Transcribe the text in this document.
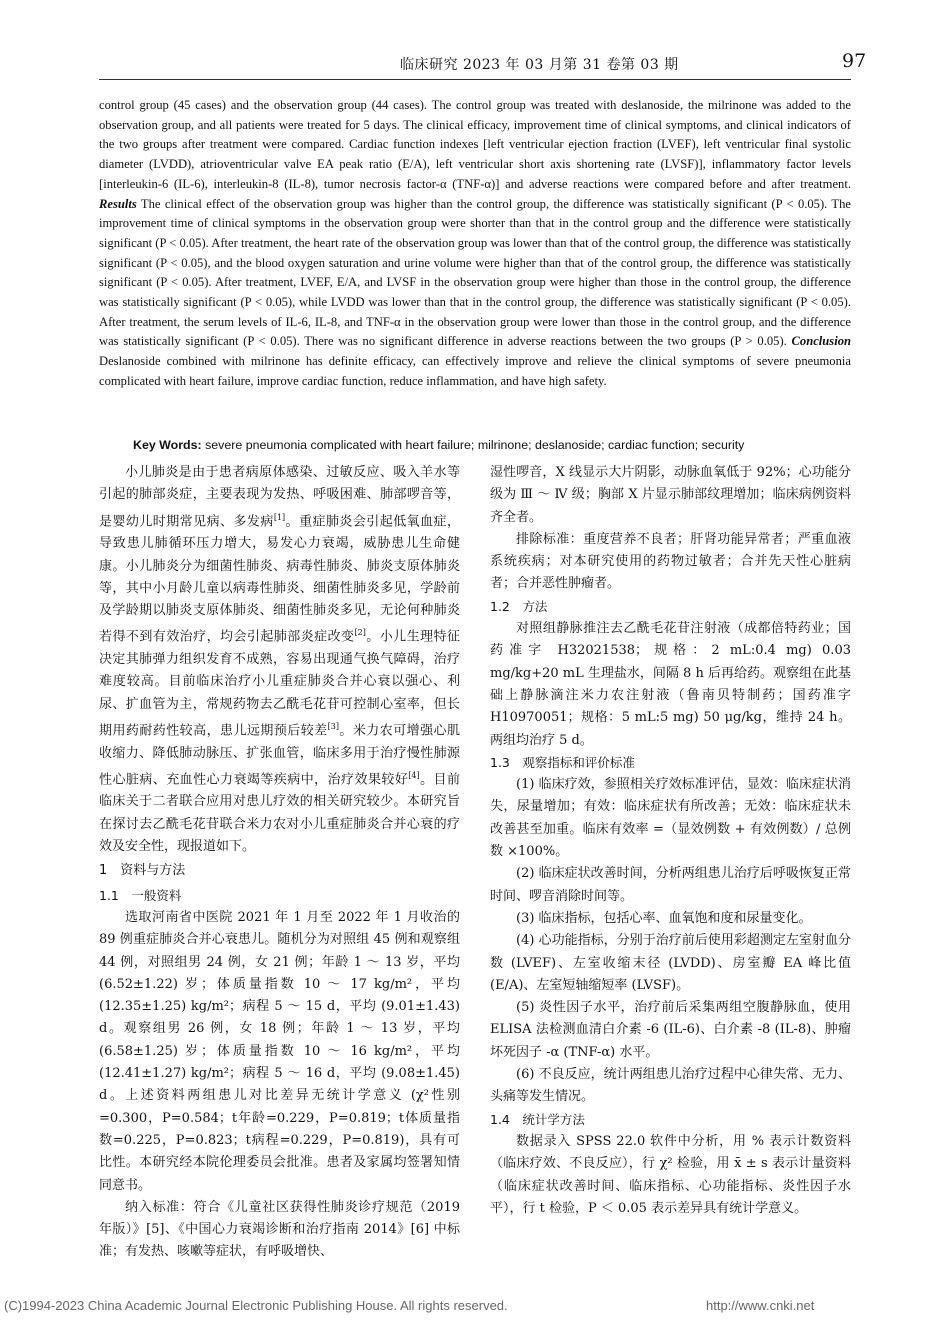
临床研究 2023 年 03 月第 31 卷第 03 期	97

control group (45 cases) and the observation group (44 cases). The control group was treated with deslanoside, the milrinone was added to the observation group, and all patients were treated for 5 days. The clinical efficacy, improvement time of clinical symptoms, and clinical indicators of the two groups after treatment were compared. Cardiac function indexes [left ventricular ejection fraction (LVEF), left ventricular final systolic diameter (LVDD), atrioventricular valve EA peak ratio (E/A), left ventricular short axis shortening rate (LVSF)], inflammatory factor levels [interleukin-6 (IL-6), interleukin-8 (IL-8), tumor necrosis factor-α (TNF-α)] and adverse reactions were compared before and after treatment. Results The clinical effect of the observation group was higher than the control group, the difference was statistically significant (P < 0.05). The improvement time of clinical symptoms in the observation group were shorter than that in the control group and the difference were statistically significant (P < 0.05). After treatment, the heart rate of the observation group was lower than that of the control group, the difference was statistically significant (P < 0.05), and the blood oxygen saturation and urine volume were higher than that of the control group, the difference was statistically significant (P < 0.05). After treatment, LVEF, E/A, and LVSF in the observation group were higher than those in the control group, the difference was statistically significant (P < 0.05), while LVDD was lower than that in the control group, the difference was statistically significant (P < 0.05). After treatment, the serum levels of IL-6, IL-8, and TNF-α in the observation group were lower than those in the control group, and the difference was statistically significant (P < 0.05). There was no significant difference in adverse reactions between the two groups (P > 0.05). Conclusion Deslanoside combined with milrinone has definite efficacy, can effectively improve and relieve the clinical symptoms of severe pneumonia complicated with heart failure, improve cardiac function, reduce inflammation, and have high safety.

Key Words: severe pneumonia complicated with heart failure; milrinone; deslanoside; cardiac function; security

小儿肺炎是由于患者病原体感染、过敏反应、吸入羊水等引起的肺部炎症，主要表现为发热、呼吸困难、肺部啰音等，是婴幼儿时期常见病、多发病[1]。重症肺炎会引起低氧血症，导致患儿肺循环压力增大，易发心力衰竭，威胁患儿生命健康。小儿肺炎分为细菌性肺炎、病毒性肺炎、肺炎支原体肺炎等，其中小月龄儿童以病毒性肺炎、细菌性肺炎多见，学龄前及学龄期以肺炎支原体肺炎、细菌性肺炎多见，无论何种肺炎若得不到有效治疗，均会引起肺部炎症改变[2]。小儿生理特征决定其肺弹力组织发育不成熟，容易出现通气换气障碍，治疗难度较高。目前临床治疗小儿重症肺炎合并心衰以强心、利尿、扩血管为主，常规药物去乙酰毛花苷可控制心室率，但长期用药耐药性较高，患儿远期预后较差[3]。米力农可增强心肌收缩力、降低肺动脉压、扩张血管，临床多用于治疗慢性肺源性心脏病、充血性心力衰竭等疾病中，治疗效果较好[4]。目前临床关于二者联合应用对患儿疗效的相关研究较少。本研究旨在探讨去乙酰毛花苷联合米力农对小儿重症肺炎合并心衰的疗效及安全性，现报道如下。

1　资料与方法

1.1　一般资料

选取河南省中医院 2021 年 1 月至 2022 年 1 月收治的 89 例重症肺炎合并心衰患儿。随机分为对照组 45 例和观察组 44 例，对照组男 24 例，女 21 例；年龄 1 ～ 13 岁，平均 (6.52±1.22) 岁；体质量指数 10 ～ 17 kg/m²，平均 (12.35±1.25) kg/m²；病程 5 ～ 15 d，平均 (9.01±1.43) d。观察组男 26 例，女 18 例；年龄 1 ～ 13 岁，平均 (6.58±1.25) 岁；体质量指数 10 ～ 16 kg/m²，平均 (12.41±1.27) kg/m²；病程 5 ～ 16 d，平均 (9.08±1.45) d。上述资料两组患儿对比差异无统计学意义 (χ²性别=0.300，P=0.584；t年龄=0.229，P=0.819；t体质量指数=0.225，P=0.823；t病程=0.229，P=0.819)，具有可比性。本研究经本院伦理委员会批准。患者及家属均签署知情同意书。

纳入标准：符合《儿童社区获得性肺炎诊疗规范（2019 年版）》[5]、《中国心力衰竭诊断和治疗指南 2014》[6] 中标准；有发热、咳嗽等症状，有呼吸增快、

湿性啰音，X 线显示大片阴影，动脉血氧低于 92%；心功能分级为 Ⅲ ～ Ⅳ 级；胸部 X 片显示肺部纹理增加；临床病例资料齐全者。

排除标准：重度营养不良者；肝肾功能异常者；严重血液系统疾病；对本研究使用的药物过敏者；合并先天性心脏病者；合并恶性肿瘤者。

1.2　方法

对照组静脉推注去乙酰毛花苷注射液（成都倍特药业；国药准字 H32021538；规格：2 mL:0.4 mg) 0.03 mg/kg+20 mL 生理盐水，间隔 8 h 后再给药。观察组在此基础上静脉滴注米力农注射液（鲁南贝特制药；国药准字 H10970051；规格：5 mL:5 mg) 50 μg/kg，维持 24 h。两组均治疗 5 d。

1.3　观察指标和评价标准

(1) 临床疗效，参照相关疗效标准评估，显效：临床症状消失，尿量增加；有效：临床症状有所改善；无效：临床症状未改善甚至加重。临床有效率 =（显效例数 + 有效例数）/ 总例数 ×100%。

(2) 临床症状改善时间，分析两组患儿治疗后呼吸恢复正常时间、啰音消除时间等。

(3) 临床指标，包括心率、血氧饱和度和尿量变化。

(4) 心功能指标，分别于治疗前后使用彩超测定左室射血分数 (LVEF)、左室收缩末径 (LVDD)、房室瓣 EA 峰比值 (E/A)、左室短轴缩短率 (LVSF)。

(5) 炎性因子水平，治疗前后采集两组空腹静脉血，使用 ELISA 法检测血清白介素 -6 (IL-6)、白介素 -8 (IL-8)、肿瘤坏死因子 -α (TNF-α) 水平。

(6) 不良反应，统计两组患儿治疗过程中心律失常、无力、头痛等发生情况。

1.4　统计学方法

数据录入 SPSS 22.0 软件中分析，用 % 表示计数资料（临床疗效、不良反应），行 χ² 检验，用 x̄ ± s 表示计量资料（临床症状改善时间、临床指标、心功能指标、炎性因子水平），行 t 检验，P ＜ 0.05 表示差异具有统计学意义。

(C)1994-2023 China Academic Journal Electronic Publishing House. All rights reserved.	http://www.cnki.net
